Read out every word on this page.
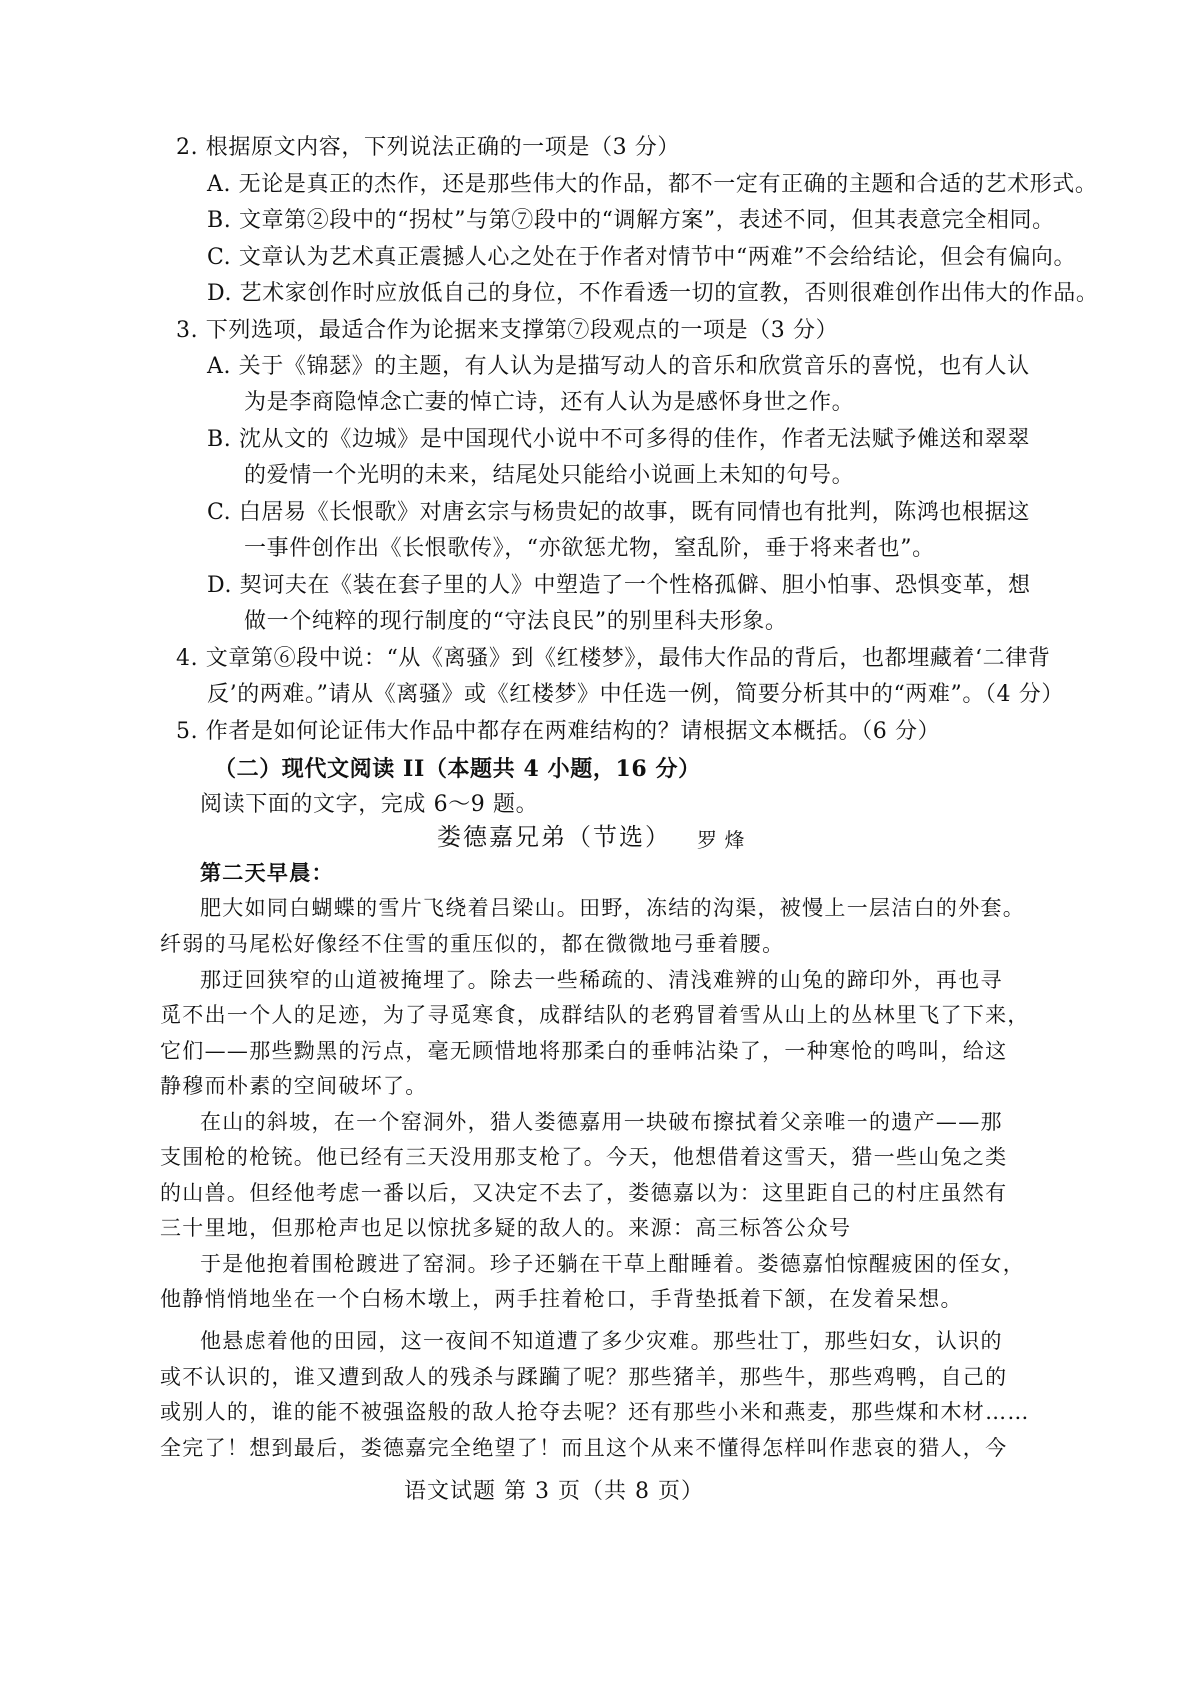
2. 根据原文内容，下列说法正确的一项是（3 分）
A. 无论是真正的杰作，还是那些伟大的作品，都不一定有正确的主题和合适的艺术形式。
B. 文章第②段中的“拐杖”与第⑦段中的“调解方案”，表述不同，但其表意完全相同。
C. 文章认为艺术真正震撼人心之处在于作者对情节中“两难”不会给结论，但会有偏向。
D. 艺术家创作时应放低自己的身位，不作看透一切的宣教，否则很难创作出伟大的作品。
3. 下列选项，最适合作为论据来支撑第⑦段观点的一项是（3 分）
A. 关于《锦瑟》的主题，有人认为是描写动人的音乐和欣赏音乐的喜悦，也有人认
为是李商隐悼念亡妻的悼亡诗，还有人认为是感怀身世之作。
B. 沈从文的《边城》是中国现代小说中不可多得的佳作，作者无法赋予傩送和翠翠
的爱情一个光明的未来，结尾处只能给小说画上未知的句号。
C. 白居易《长恨歌》对唐玄宗与杨贵妃的故事，既有同情也有批判，陈鸿也根据这
一事件创作出《长恨歌传》，“亦欲惩尤物，窒乱阶，垂于将来者也”。
D. 契诃夫在《装在套子里的人》中塑造了一个性格孤僻、胆小怕事、恐惧变革，想
做一个纯粹的现行制度的“守法良民”的别里科夫形象。
4. 文章第⑥段中说：“从《离骚》到《红楼梦》，最伟大作品的背后，也都埋藏着‘二律背
反’的两难。”请从《离骚》或《红楼梦》中任选一例，简要分析其中的“两难”。（4 分）
5. 作者是如何论证伟大作品中都存在两难结构的？请根据文本概括。（6 分）
（二）现代文阅读 II（本题共 4 小题，16 分）
阅读下面的文字，完成 6～9 题。
娄德嘉兄弟（节选） 罗 烽
第二天早晨：
肥大如同白蝴蝶的雪片飞绕着吕梁山。田野，冻结的沟渠，被慢上一层洁白的外套。
纤弱的马尾松好像经不住雪的重压似的，都在微微地弓垂着腰。
那迂回狭窄的山道被掩埋了。除去一些稀疏的、清浅难辨的山兔的蹄印外，再也寻
觅不出一个人的足迹，为了寻觅寒食，成群结队的老鸦冒着雪从山上的丛林里飞了下来，
它们——那些黝黑的污点，毫无顾惜地将那柔白的垂帏沾染了，一种寒怆的鸣叫，给这
静穆而朴素的空间破坏了。
在山的斜坡，在一个窑洞外，猎人娄德嘉用一块破布擦拭着父亲唯一的遗产——那
支围枪的枪铳。他已经有三天没用那支枪了。今天，他想借着这雪天，猎一些山兔之类
的山兽。但经他考虑一番以后，又决定不去了，娄德嘉以为：这里距自己的村庄虽然有
三十里地，但那枪声也足以惊扰多疑的敌人的。来源：高三标答公众号
于是他抱着围枪踱进了窑洞。珍子还躺在干草上酣睡着。娄德嘉怕惊醒疲困的侄女，
他静悄悄地坐在一个白杨木墩上，两手拄着枪口，手背垫抵着下颔，在发着呆想。
他悬虑着他的田园，这一夜间不知道遭了多少灾难。那些壮丁，那些妇女，认识的
或不认识的，谁又遭到敌人的残杀与蹂躏了呢？那些猪羊，那些牛，那些鸡鸭，自己的
或别人的，谁的能不被强盗般的敌人抢夺去呢？还有那些小米和燕麦，那些煤和木材……
全完了！想到最后，娄德嘉完全绝望了！而且这个从来不懂得怎样叫作悲哀的猎人，今
语文试题 第 3 页（共 8 页）
